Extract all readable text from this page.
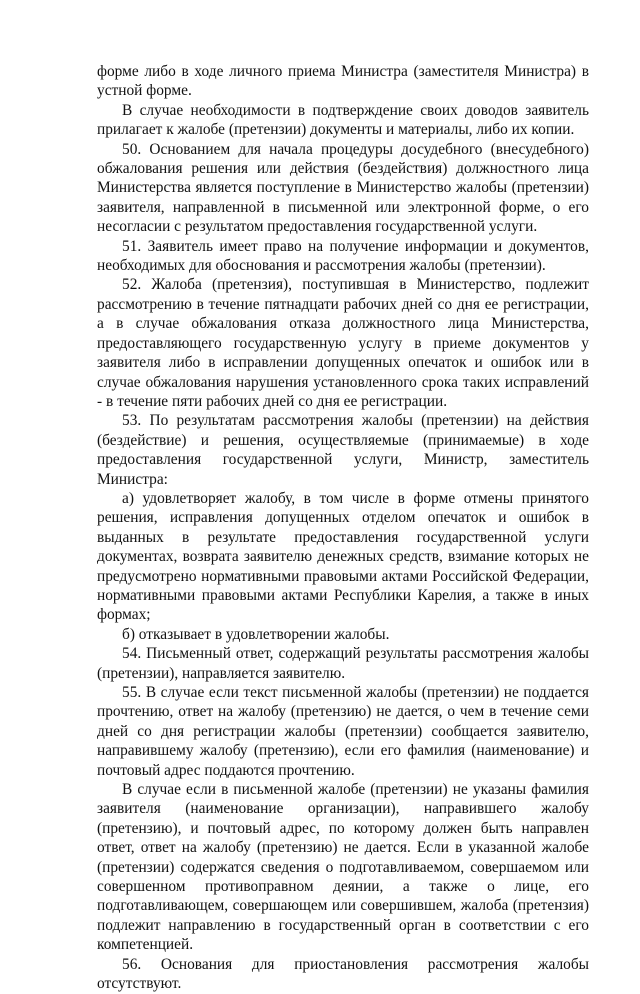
форме либо в ходе личного приема Министра (заместителя Министра) в устной форме.

В случае необходимости в подтверждение своих доводов заявитель прилагает к жалобе (претензии) документы и материалы, либо их копии.

50. Основанием для начала процедуры досудебного (внесудебного) обжалования решения или действия (бездействия) должностного лица Министерства является поступление в Министерство жалобы (претензии) заявителя, направленной в письменной или электронной форме, о его несогласии с результатом предоставления государственной услуги.

51. Заявитель имеет право на получение информации и документов, необходимых для обоснования и рассмотрения жалобы (претензии).

52. Жалоба (претензия), поступившая в Министерство, подлежит рассмотрению в течение пятнадцати рабочих дней со дня ее регистрации, а в случае обжалования отказа должностного лица Министерства, предоставляющего государственную услугу в приеме документов у заявителя либо в исправлении допущенных опечаток и ошибок или в случае обжалования нарушения установленного срока таких исправлений - в течение пяти рабочих дней со дня ее регистрации.

53. По результатам рассмотрения жалобы (претензии) на действия (бездействие) и решения, осуществляемые (принимаемые) в ходе предоставления государственной услуги, Министр, заместитель Министра:

а) удовлетворяет жалобу, в том числе в форме отмены принятого решения, исправления допущенных отделом опечаток и ошибок в выданных в результате предоставления государственной услуги документах, возврата заявителю денежных средств, взимание которых не предусмотрено нормативными правовыми актами Российской Федерации, нормативными правовыми актами Республики Карелия, а также в иных формах;

б) отказывает в удовлетворении жалобы.

54. Письменный ответ, содержащий результаты рассмотрения жалобы (претензии), направляется заявителю.

55. В случае если текст письменной жалобы (претензии) не поддается прочтению, ответ на жалобу (претензию) не дается, о чем в течение семи дней со дня регистрации жалобы (претензии) сообщается заявителю, направившему жалобу (претензию), если его фамилия (наименование) и почтовый адрес поддаются прочтению.

В случае если в письменной жалобе (претензии) не указаны фамилия заявителя (наименование организации), направившего жалобу (претензию), и почтовый адрес, по которому должен быть направлен ответ, ответ на жалобу (претензию) не дается. Если в указанной жалобе (претензии) содержатся сведения о подготавливаемом, совершаемом или совершенном противоправном деянии, а также о лице, его подготавливающем, совершающем или совершившем, жалоба (претензия) подлежит направлению в государственный орган в соответствии с его компетенцией.

56. Основания для приостановления рассмотрения жалобы отсутствуют.
